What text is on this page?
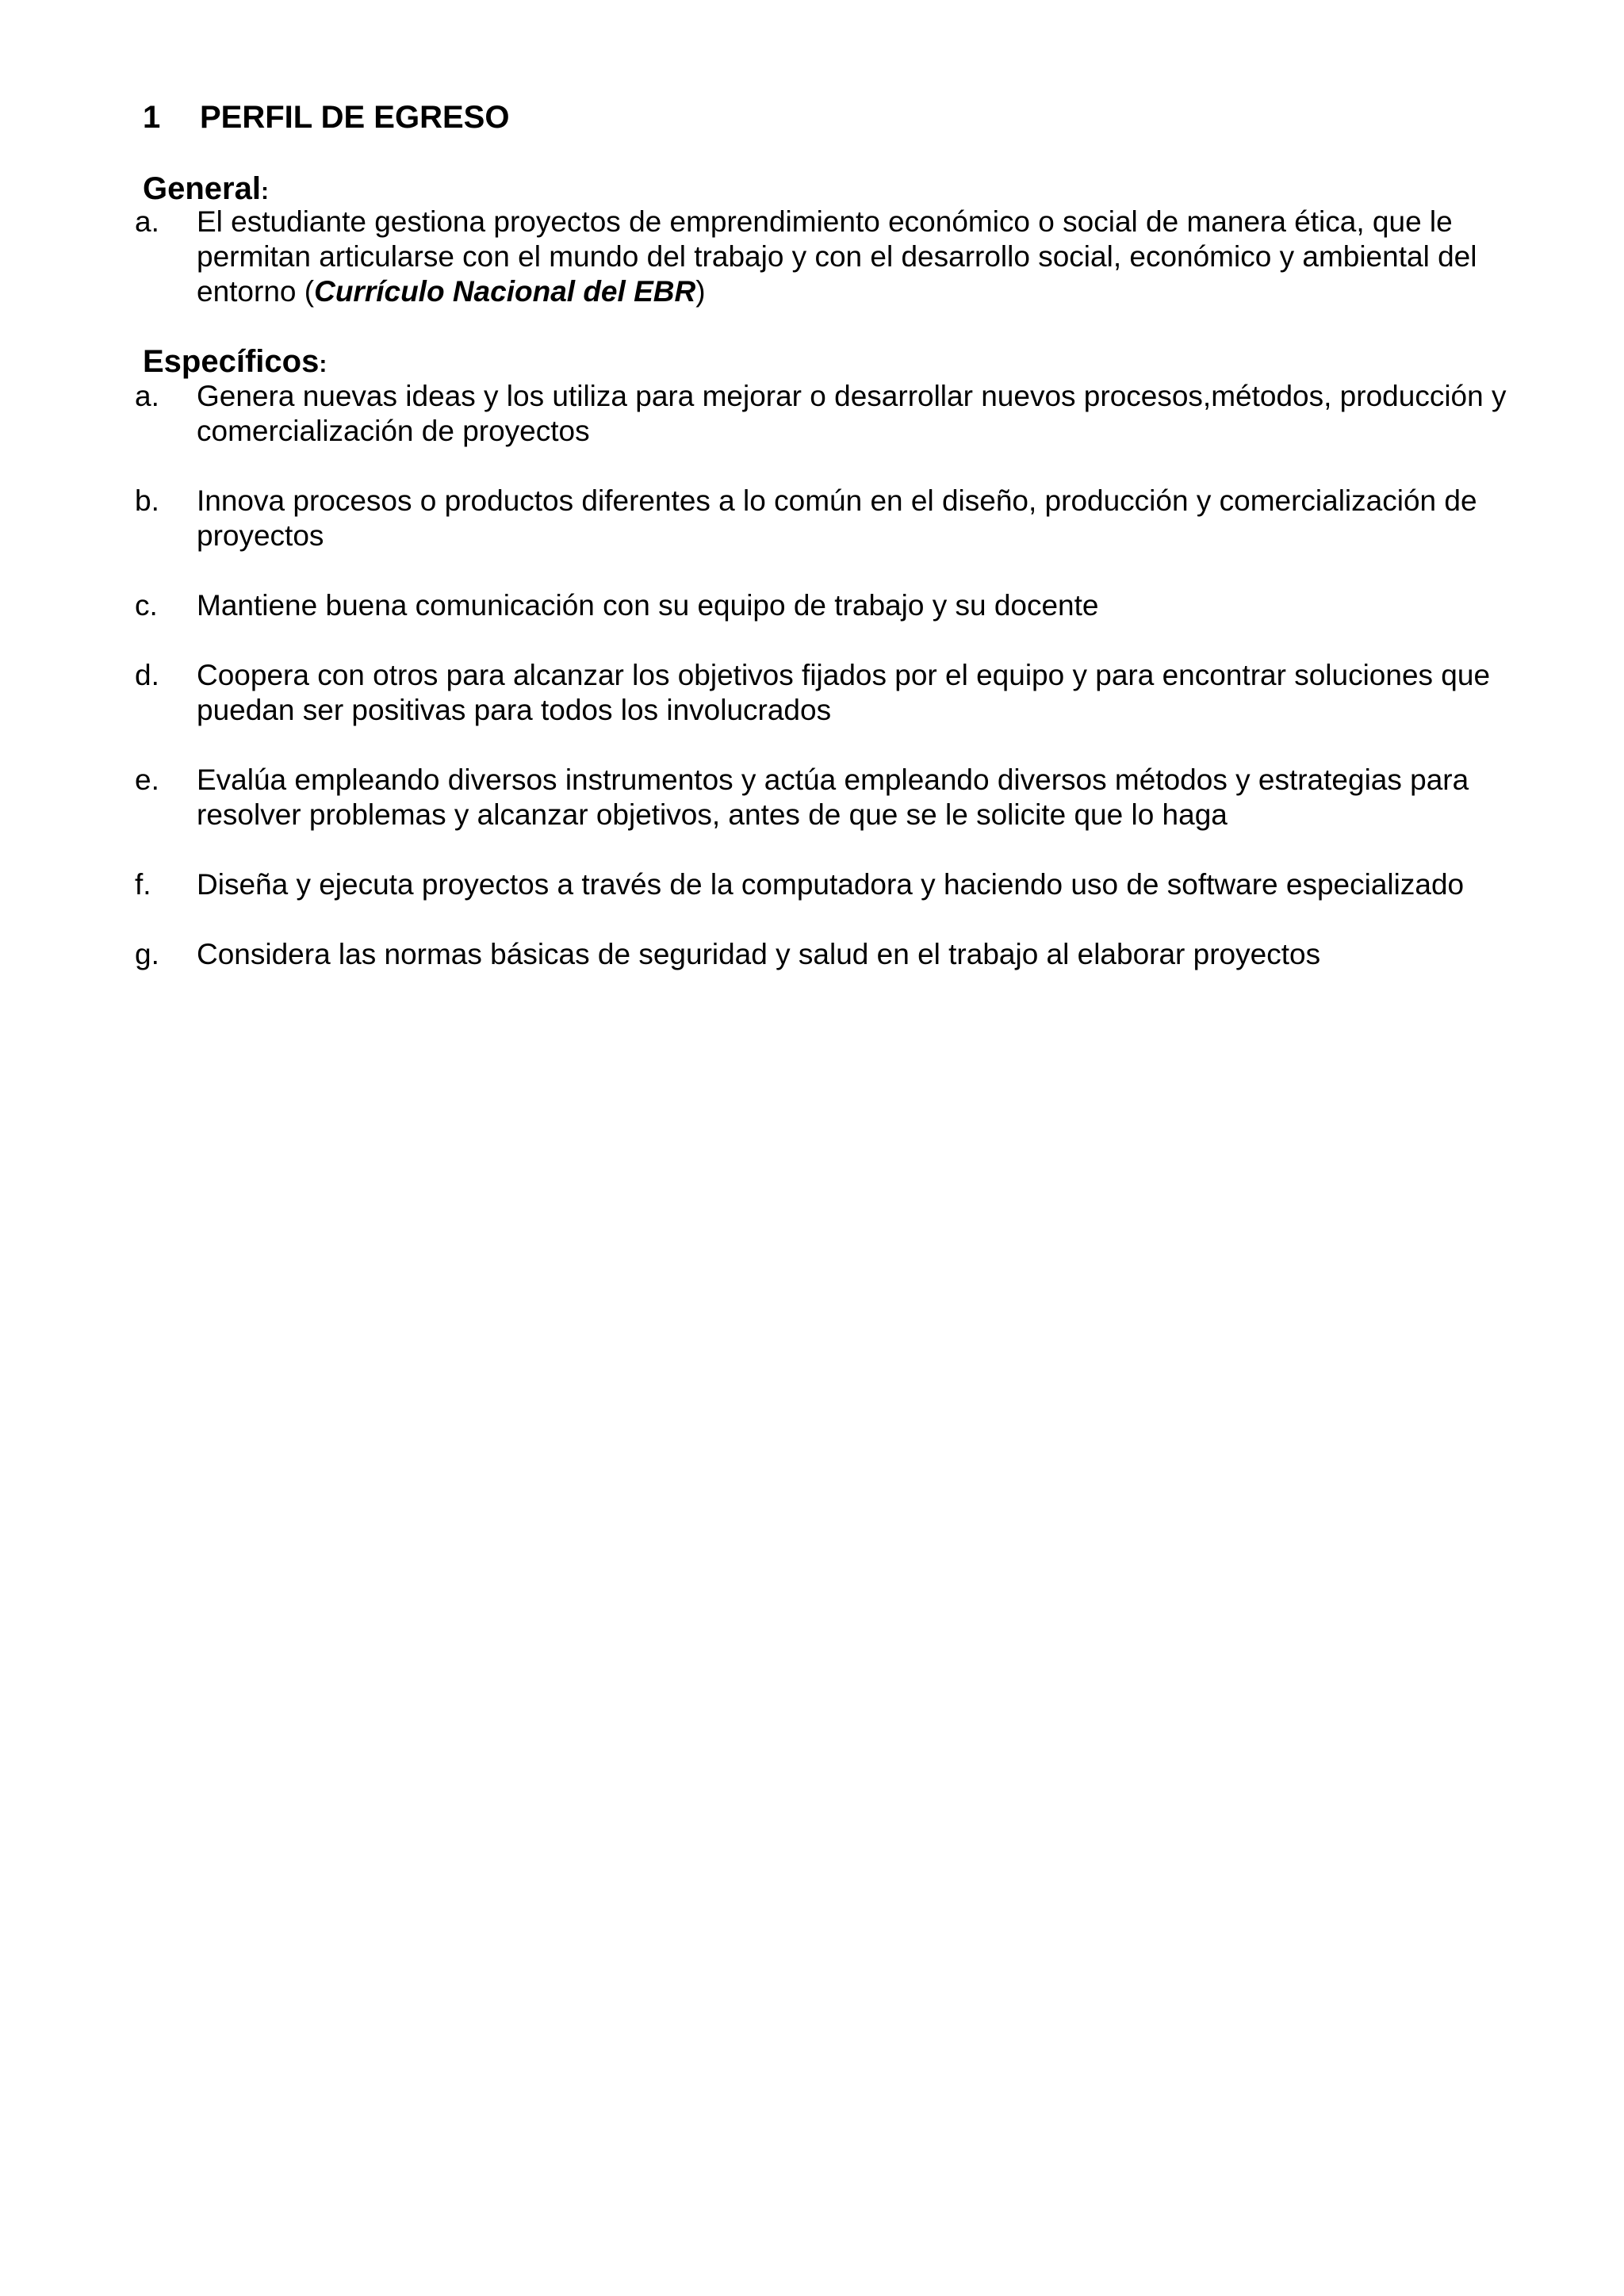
1 PERFIL DE EGRESO
General:
a.	El estudiante gestiona proyectos de emprendimiento económico o social de manera ética, que le permitan articularse con el mundo del trabajo y con el desarrollo social, económico y ambiental del entorno (Currículo Nacional del EBR)
Específicos:
a.	Genera nuevas ideas y los utiliza para mejorar o desarrollar nuevos procesos,métodos, producción y comercialización de proyectos
b.	Innova procesos o productos diferentes a lo común en el diseño, producción y comercialización de proyectos
c.	Mantiene buena comunicación con su equipo de trabajo y su docente
d.	Coopera con otros para alcanzar los objetivos fijados por el equipo y para encontrar soluciones que puedan ser positivas para todos los involucrados
e.	Evalúa empleando diversos instrumentos y actúa empleando diversos métodos y estrategias para resolver problemas y alcanzar objetivos, antes de que se le solicite que lo haga
f.	Diseña y ejecuta proyectos a través de la computadora y haciendo uso de software especializado
g.	Considera las normas básicas de seguridad y salud en el trabajo al elaborar proyectos
